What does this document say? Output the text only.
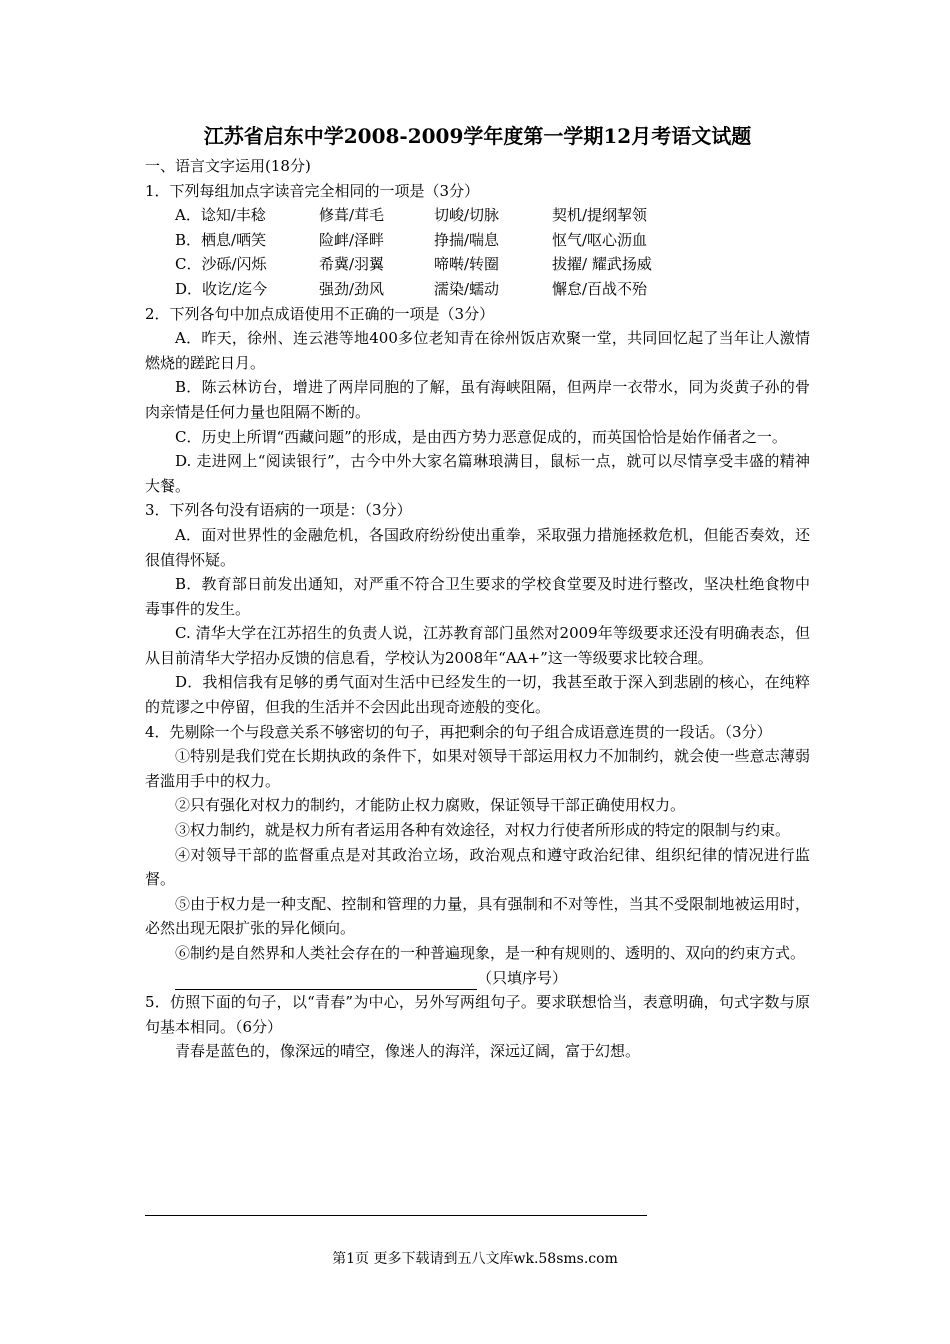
江苏省启东中学2008-2009学年度第一学期12月考语文试题
一、语言文字运用(18分)
1．下列每组加点字读音完全相同的一项是（3分）
A．谂知/丰稔	修葺/茸毛	切峻/切脉	契机/提纲挈领
B．栖息/哂笑	险衅/泽畔	挣揣/喘息	怄气/呕心沥血
C．沙砾/闪烁	希冀/羽翼	啼啭/转圈	拔擢/ 耀武扬威
D．收讫/迄今	强劲/劲风	濡染/蠕动	懈怠/百战不殆
2．下列各句中加点成语使用不正确的一项是（3分）
A．昨天，徐州、连云港等地400多位老知青在徐州饭店欢聚一堂，共同回忆起了当年让人激情燃烧的蹉跎日月。
B．陈云林访台，增进了两岸同胞的了解，虽有海峡阻隔，但两岸一衣带水，同为炎黄子孙的骨肉亲情是任何力量也阻隔不断的。
C．历史上所谓“西藏问题”的形成，是由西方势力恶意促成的，而英国恰恰是始作俑者之一。
D. 走进网上“阅读银行”，古今中外大家名篇琳琅满目，鼠标一点，就可以尽情享受丰盛的精神大餐。
3．下列各句没有语病的一项是：（3分）
A．面对世界性的金融危机，各国政府纷纷使出重拳，采取强力措施拯救危机，但能否奏效，还很值得怀疑。
B．教育部日前发出通知，对严重不符合卫生要求的学校食堂要及时进行整改，坚决杜绝食物中毒事件的发生。
C. 清华大学在江苏招生的负责人说，江苏教育部门虽然对2009年等级要求还没有明确表态，但从目前清华大学招办反馈的信息看，学校认为2008年“AA+”这一等级要求比较合理。
D．我相信我有足够的勇气面对生活中已经发生的一切，我甚至敢于深入到悲剧的核心，在纯粹的荒谬之中停留，但我的生活并不会因此出现奇迹般的变化。
4．先剔除一个与段意关系不够密切的句子，再把剩余的句子组合成语意连贯的一段话。（3分）
①特别是我们党在长期执政的条件下，如果对领导干部运用权力不加制约，就会使一些意志薄弱者滥用手中的权力。
②只有强化对权力的制约，才能防止权力腐败，保证领导干部正确使用权力。
③权力制约，就是权力所有者运用各种有效途径，对权力行使者所形成的特定的限制与约束。
④对领导干部的监督重点是对其政治立场，政治观点和遵守政治纪律、组织纪律的情况进行监督。
⑤由于权力是一种支配、控制和管理的力量，具有强制和不对等性，当其不受限制地被运用时，必然出现无限扩张的异化倾向。
⑥制约是自然界和人类社会存在的一种普遍现象，是一种有规则的、透明的、双向的约束方式。
（只填序号）
5．仿照下面的句子，以“青春”为中心，另外写两组句子。要求联想恰当，表意明确，句式字数与原句基本相同。（6分）
青春是蓝色的，像深远的晴空，像迷人的海洋，深远辽阔，富于幻想。
第1页 更多下载请到五八文库wk.58sms.com
